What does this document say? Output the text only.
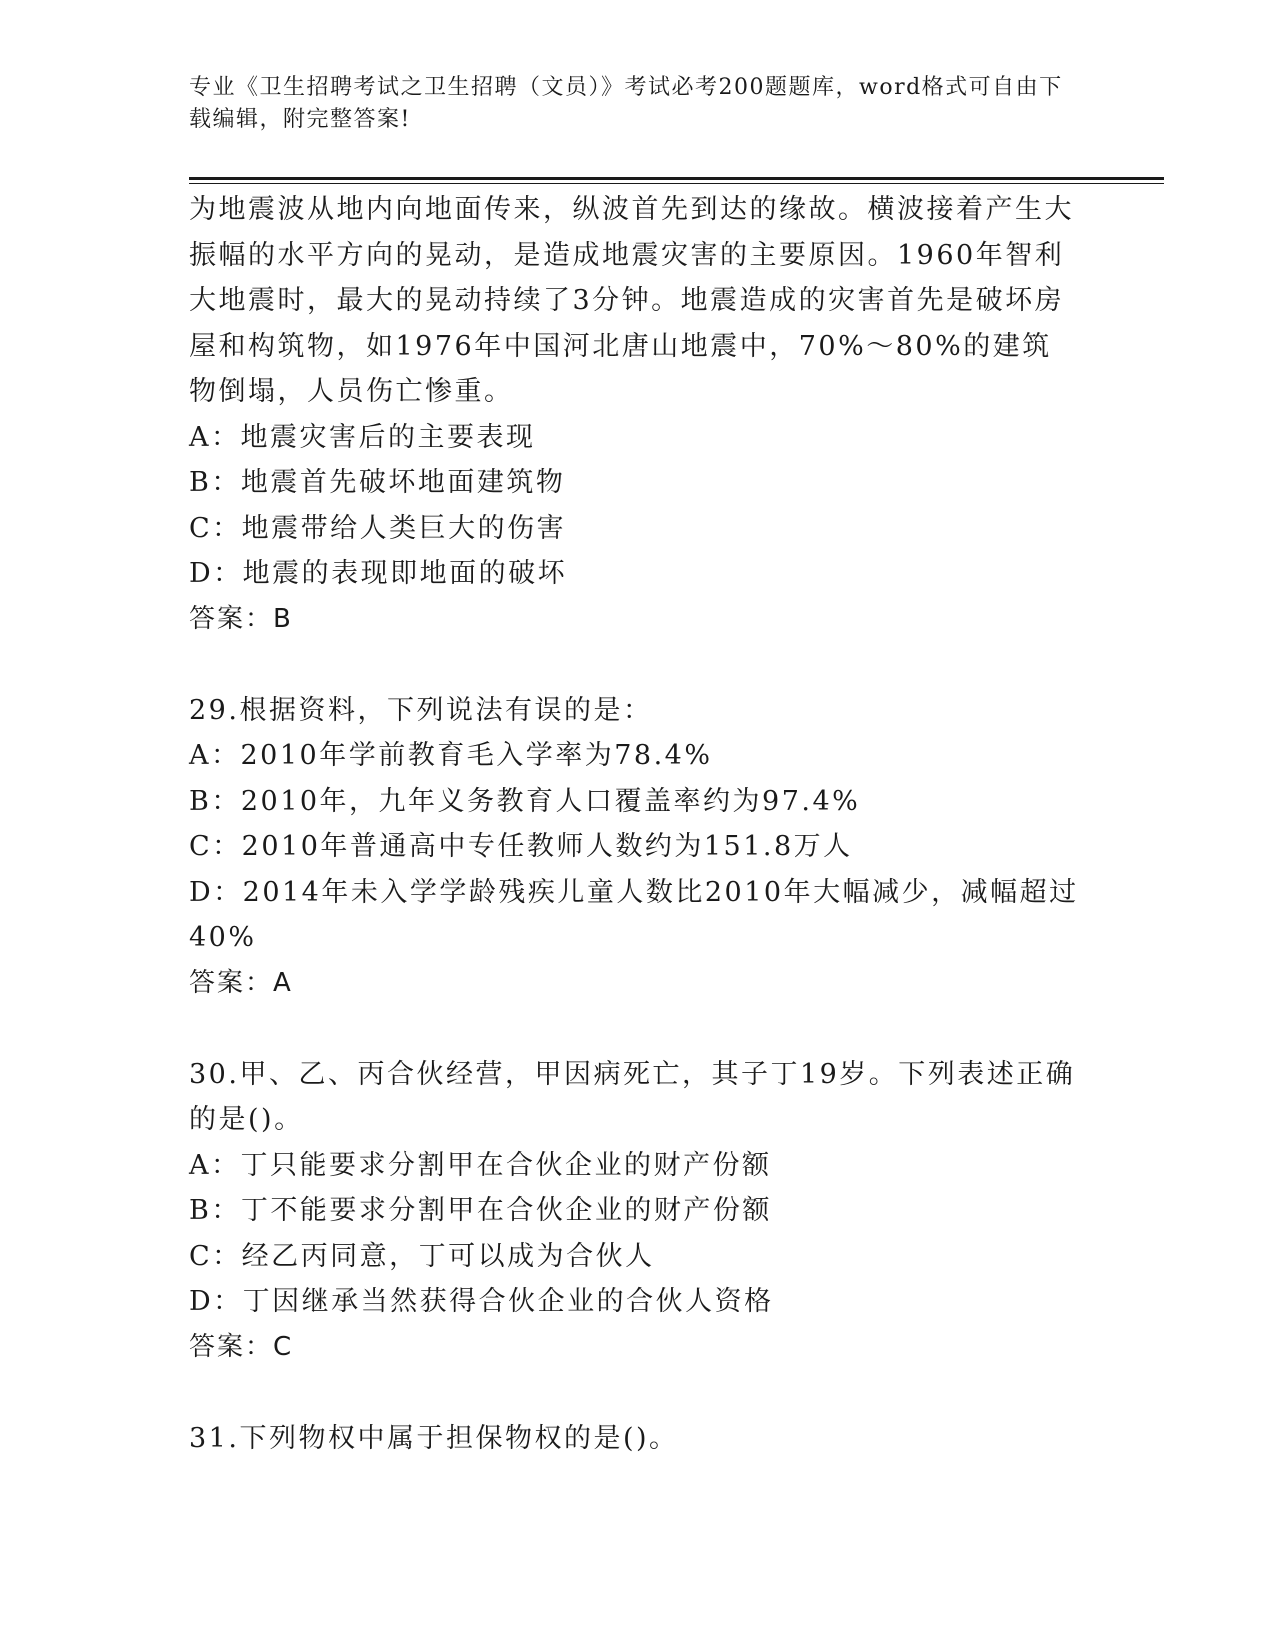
专业《卫生招聘考试之卫生招聘（文员）》考试必考200题题库，word格式可自由下载编辑，附完整答案!

为地震波从地内向地面传来，纵波首先到达的缘故。横波接着产生大振幅的水平方向的晃动，是造成地震灾害的主要原因。1960年智利大地震时，最大的晃动持续了3分钟。地震造成的灾害首先是破坏房屋和构筑物，如1976年中国河北唐山地震中，70%～80%的建筑物倒塌，人员伤亡惨重。

A：地震灾害后的主要表现

B：地震首先破坏地面建筑物

C：地震带给人类巨大的伤害

D：地震的表现即地面的破坏

答案：B

29.根据资料，下列说法有误的是：

A：2010年学前教育毛入学率为78.4%

B：2010年，九年义务教育人口覆盖率约为97.4%

C：2010年普通高中专任教师人数约为151.8万人

D：2014年未入学学龄残疾儿童人数比2010年大幅减少，减幅超过40%

答案：A

30.甲、乙、丙合伙经营，甲因病死亡，其子丁19岁。下列表述正确的是()。

A：丁只能要求分割甲在合伙企业的财产份额

B：丁不能要求分割甲在合伙企业的财产份额

C：经乙丙同意，丁可以成为合伙人

D：丁因继承当然获得合伙企业的合伙人资格

答案：C

31.下列物权中属于担保物权的是()。
